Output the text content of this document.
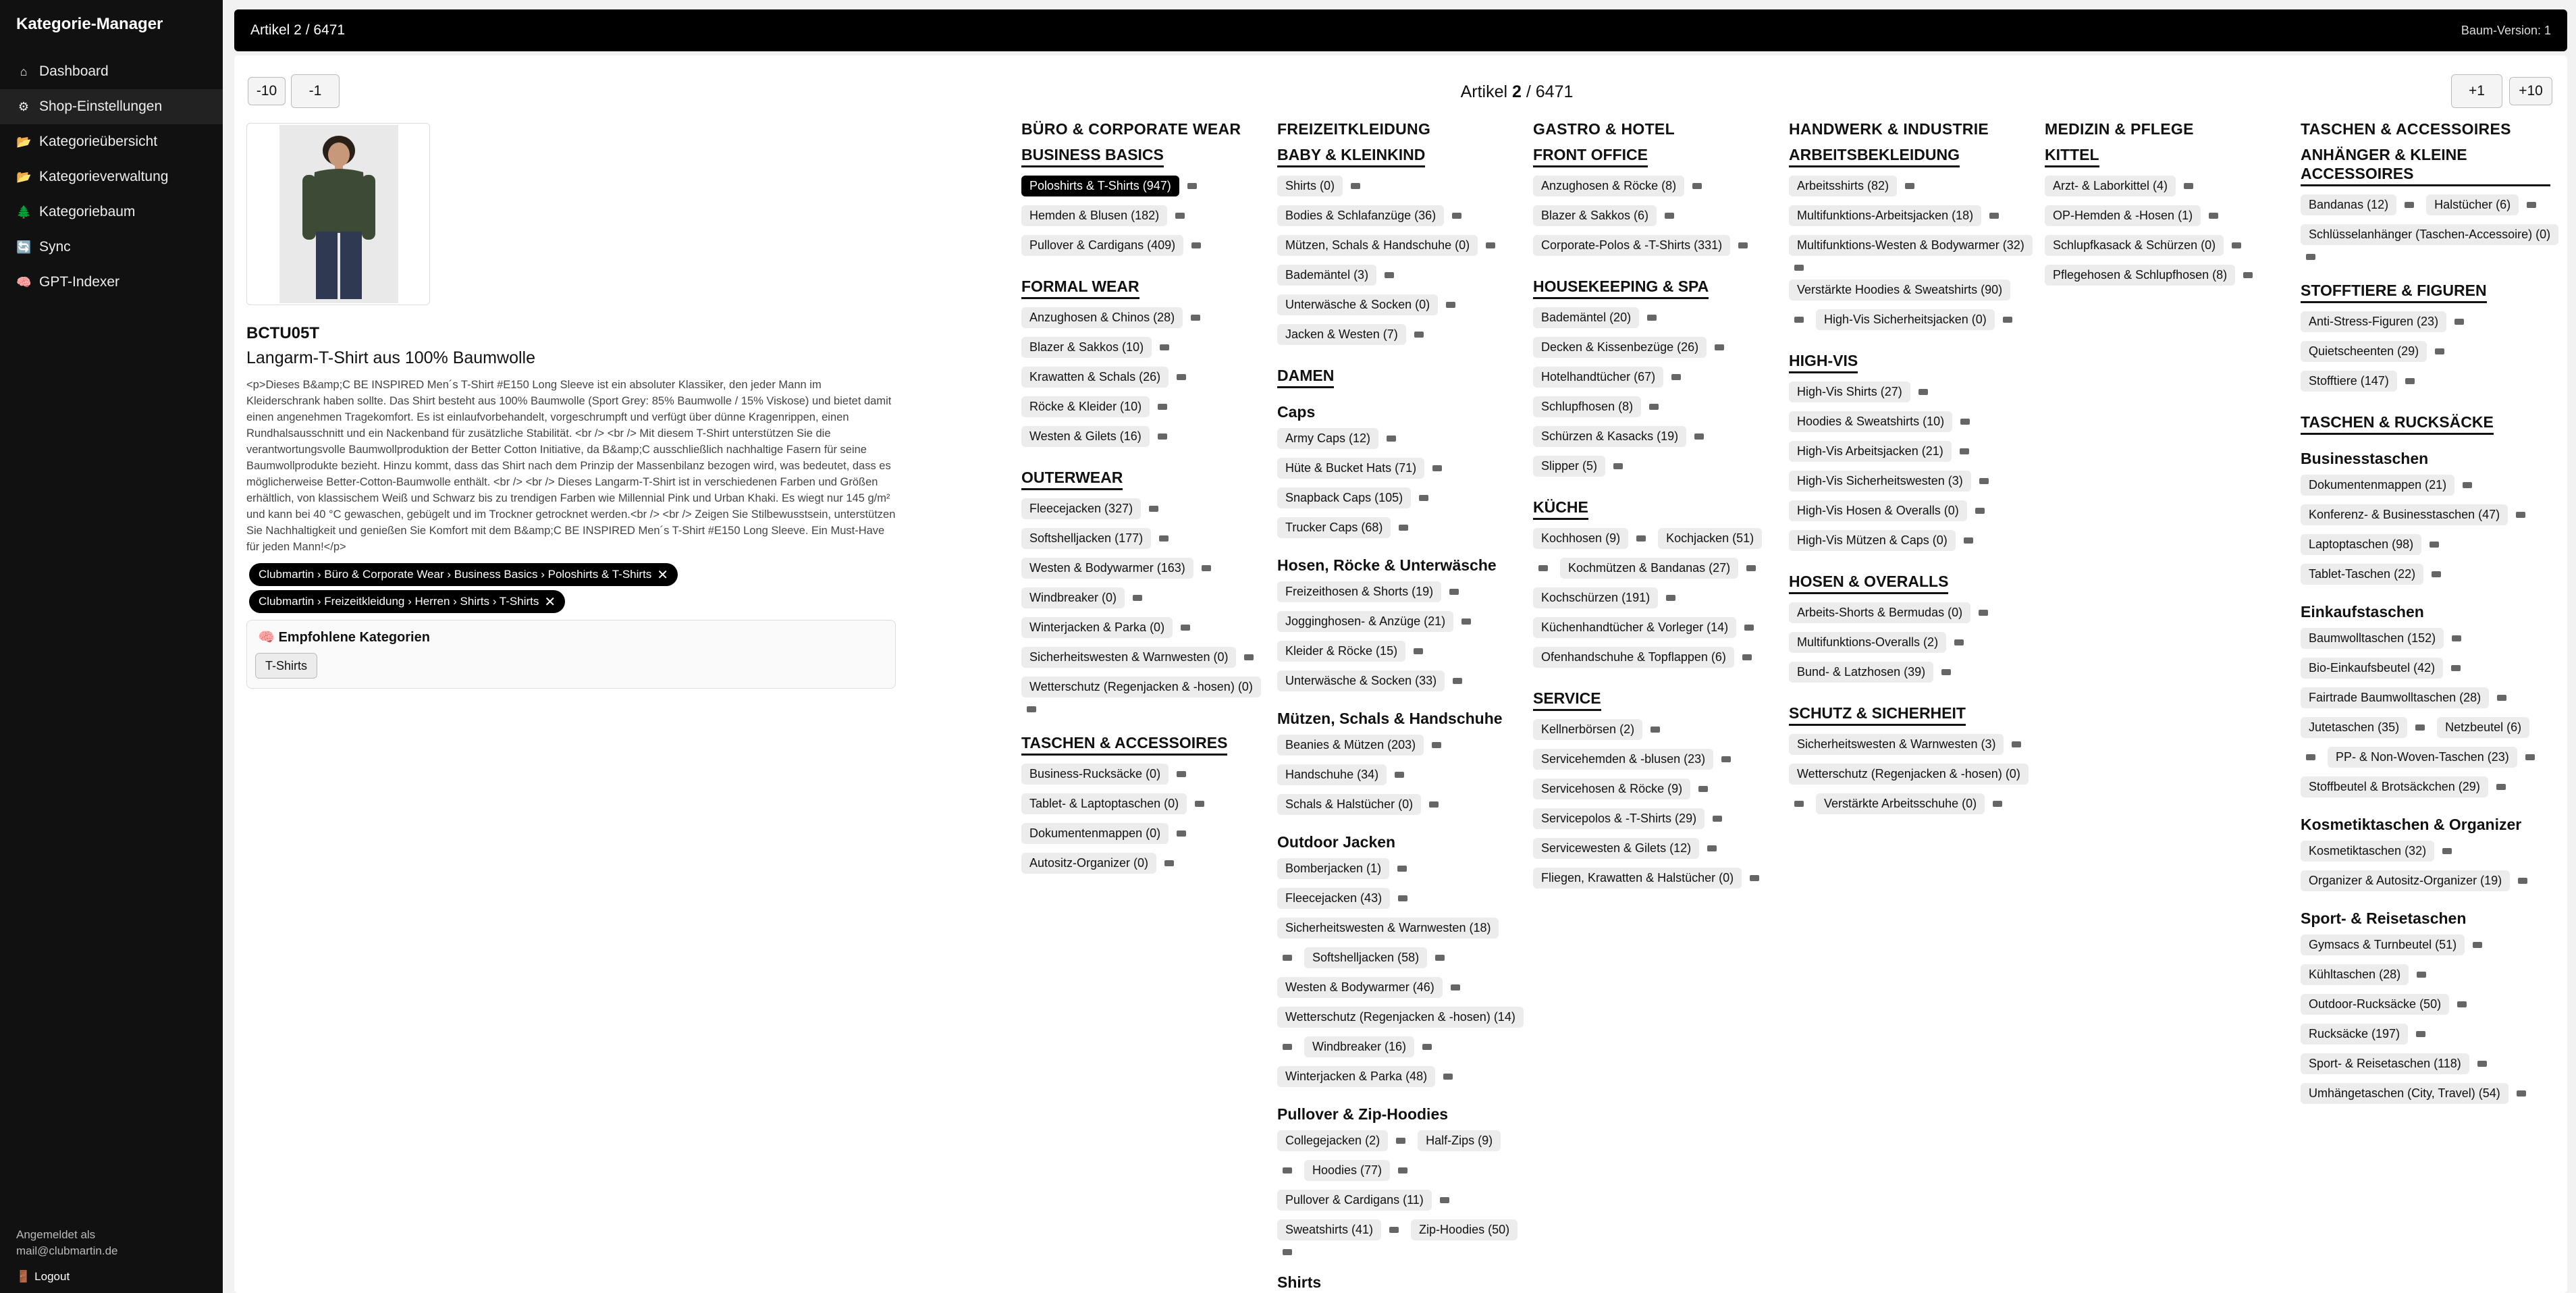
Kategorie-Manager
⌂ Dashboard
⚙ Shop-Einstellungen
📂 Kategorieübersicht
📂 Kategorieverwaltung
🌲 Kategoriebaum
🔄 Sync
🧠 GPT-Indexer
Angemeldet als
mail@clubmartin.de
🚪 Logout
Artikel 2 / 6471	Baum-Version: 1
-10	-1	Artikel 2 / 6471	+1	+10
BCTU05T
Langarm-T-Shirt aus 100% Baumwolle
<p>Dieses B&amp;C BE INSPIRED Men´s T-Shirt #E150 Long Sleeve ist ein absoluter Klassiker, den jeder Mann im Kleiderschrank haben sollte. Das Shirt besteht aus 100% Baumwolle (Sport Grey: 85% Baumwolle / 15% Viskose) und bietet damit einen angenehmen Tragekomfort. Es ist einlaufvorbehandelt, vorgeschrumpft und verfügt über dünne Kragenrippen, einen Rundhalsausschnitt und ein Nackenband für zusätzliche Stabilität. <br /> <br /> Mit diesem T-Shirt unterstützen Sie die verantwortungsvolle Baumwollproduktion der Better Cotton Initiative, da B&amp;C ausschließlich nachhaltige Fasern für seine Baumwollprodukte bezieht. Hinzu kommt, dass das Shirt nach dem Prinzip der Massenbilanz bezogen wird, was bedeutet, dass es möglicherweise Better-Cotton-Baumwolle enthält. <br /> <br /> Dieses Langarm-T-Shirt ist in verschiedenen Farben und Größen erhältlich, von klassischem Weiß und Schwarz bis zu trendigen Farben wie Millennial Pink und Urban Khaki. Es wiegt nur 145 g/m² und kann bei 40 °C gewaschen, gebügelt und im Trockner getrocknet werden.<br /> <br /> Zeigen Sie Stilbewusstsein, unterstützen Sie Nachhaltigkeit und genießen Sie Komfort mit dem B&amp;C BE INSPIRED Men´s T-Shirt #E150 Long Sleeve. Ein Must-Have für jeden Mann!</p>
Clubmartin › Büro & Corporate Wear › Business Basics › Poloshirts & T-Shirts ✕
Clubmartin › Freizeitkleidung › Herren › Shirts › T-Shirts ✕
🧠 Empfohlene Kategorien
T-Shirts
BÜRO & CORPORATE WEAR
BUSINESS BASICS
Poloshirts & T-Shirts (947)
Hemden & Blusen (182)
Pullover & Cardigans (409)
FORMAL WEAR
Anzughosen & Chinos (28)
Blazer & Sakkos (10)
Krawatten & Schals (26)
Röcke & Kleider (10)
Westen & Gilets (16)
OUTERWEAR
Fleecejacken (327)
Softshelljacken (177)
Westen & Bodywarmer (163)
Windbreaker (0)
Winterjacken & Parka (0)
Sicherheitswesten & Warnwesten (0)
Wetterschutz (Regenjacken & -hosen) (0)
TASCHEN & ACCESSOIRES
Business-Rucksäcke (0)
Tablet- & Laptoptaschen (0)
Dokumentenmappen (0)
Autositz-Organizer (0)
FREIZEITKLEIDUNG
BABY & KLEINKIND
Shirts (0)
Bodies & Schlafanzüge (36)
Mützen, Schals & Handschuhe (0)
Bademäntel (3)
Unterwäsche & Socken (0)
Jacken & Westen (7)
DAMEN
Caps
Army Caps (12)
Hüte & Bucket Hats (71)
Snapback Caps (105)
Trucker Caps (68)
Hosen, Röcke & Unterwäsche
Freizeithosen & Shorts (19)
Jogginghosen- & Anzüge (21)
Kleider & Röcke (15)
Unterwäsche & Socken (33)
Mützen, Schals & Handschuhe
Beanies & Mützen (203)
Handschuhe (34)
Schals & Halstücher (0)
Outdoor Jacken
Bomberjacken (1)
Fleecejacken (43)
Sicherheitswesten & Warnwesten (18)
Softshelljacken (58)
Westen & Bodywarmer (46)
Wetterschutz (Regenjacken & -hosen) (14)
Windbreaker (16)
Winterjacken & Parka (48)
Pullover & Zip-Hoodies
Collegejacken (2)	Half-Zips (9)
Hoodies (77)
Pullover & Cardigans (11)
Sweatshirts (41)	Zip-Hoodies (50)
Shirts
GASTRO & HOTEL
FRONT OFFICE
Anzughosen & Röcke (8)
Blazer & Sakkos (6)
Corporate-Polos & -T-Shirts (331)
HOUSEKEEPING & SPA
Bademäntel (20)
Decken & Kissenbezüge (26)
Hotelhandtücher (67)
Schlupfhosen (8)
Schürzen & Kasacks (19)
Slipper (5)
KÜCHE
Kochhosen (9)	Kochjacken (51)
Kochmützen & Bandanas (27)
Kochschürzen (191)
Küchenhandtücher & Vorleger (14)
Ofenhandschuhe & Topflappen (6)
SERVICE
Kellnerbörsen (2)
Servicehemden & -blusen (23)
Servicehosen & Röcke (9)
Servicepolos & -T-Shirts (29)
Servicewesten & Gilets (12)
Fliegen, Krawatten & Halstücher (0)
HANDWERK & INDUSTRIE
ARBEITSBEKLEIDUNG
Arbeitsshirts (82)
Multifunktions-Arbeitsjacken (18)
Multifunktions-Westen & Bodywarmer (32)
Verstärkte Hoodies & Sweatshirts (90)
High-Vis Sicherheitsjacken (0)
HIGH-VIS
High-Vis Shirts (27)
Hoodies & Sweatshirts (10)
High-Vis Arbeitsjacken (21)
High-Vis Sicherheitswesten (3)
High-Vis Hosen & Overalls (0)
High-Vis Mützen & Caps (0)
HOSEN & OVERALLS
Arbeits-Shorts & Bermudas (0)
Multifunktions-Overalls (2)
Bund- & Latzhosen (39)
SCHUTZ & SICHERHEIT
Sicherheitswesten & Warnwesten (3)
Wetterschutz (Regenjacken & -hosen) (0)
Verstärkte Arbeitsschuhe (0)
MEDIZIN & PFLEGE
KITTEL
Arzt- & Laborkittel (4)
OP-Hemden & -Hosen (1)
Schlupfkasack & Schürzen (0)
Pflegehosen & Schlupfhosen (8)
TASCHEN & ACCESSOIRES
ANHÄNGER & KLEINE ACCESSOIRES
Bandanas (12)	Halstücher (6)
Schlüsselanhänger (Taschen-Accessoire) (0)
STOFFTIERE & FIGUREN
Anti-Stress-Figuren (23)
Quietscheenten (29)
Stofftiere (147)
TASCHEN & RUCKSÄCKE
Businesstaschen
Dokumentenmappen (21)
Konferenz- & Businesstaschen (47)
Laptoptaschen (98)
Tablet-Taschen (22)
Einkaufstaschen
Baumwolltaschen (152)
Bio-Einkaufsbeutel (42)
Fairtrade Baumwolltaschen (28)
Jutetaschen (35)	Netzbeutel (6)
PP- & Non-Woven-Taschen (23)
Stoffbeutel & Brotsäckchen (29)
Kosmetiktaschen & Organizer
Kosmetiktaschen (32)
Organizer & Autositz-Organizer (19)
Sport- & Reisetaschen
Gymsacs & Turnbeutel (51)
Kühltaschen (28)
Outdoor-Rucksäcke (50)
Rucksäcke (197)
Sport- & Reisetaschen (118)
Umhängetaschen (City, Travel) (54)
